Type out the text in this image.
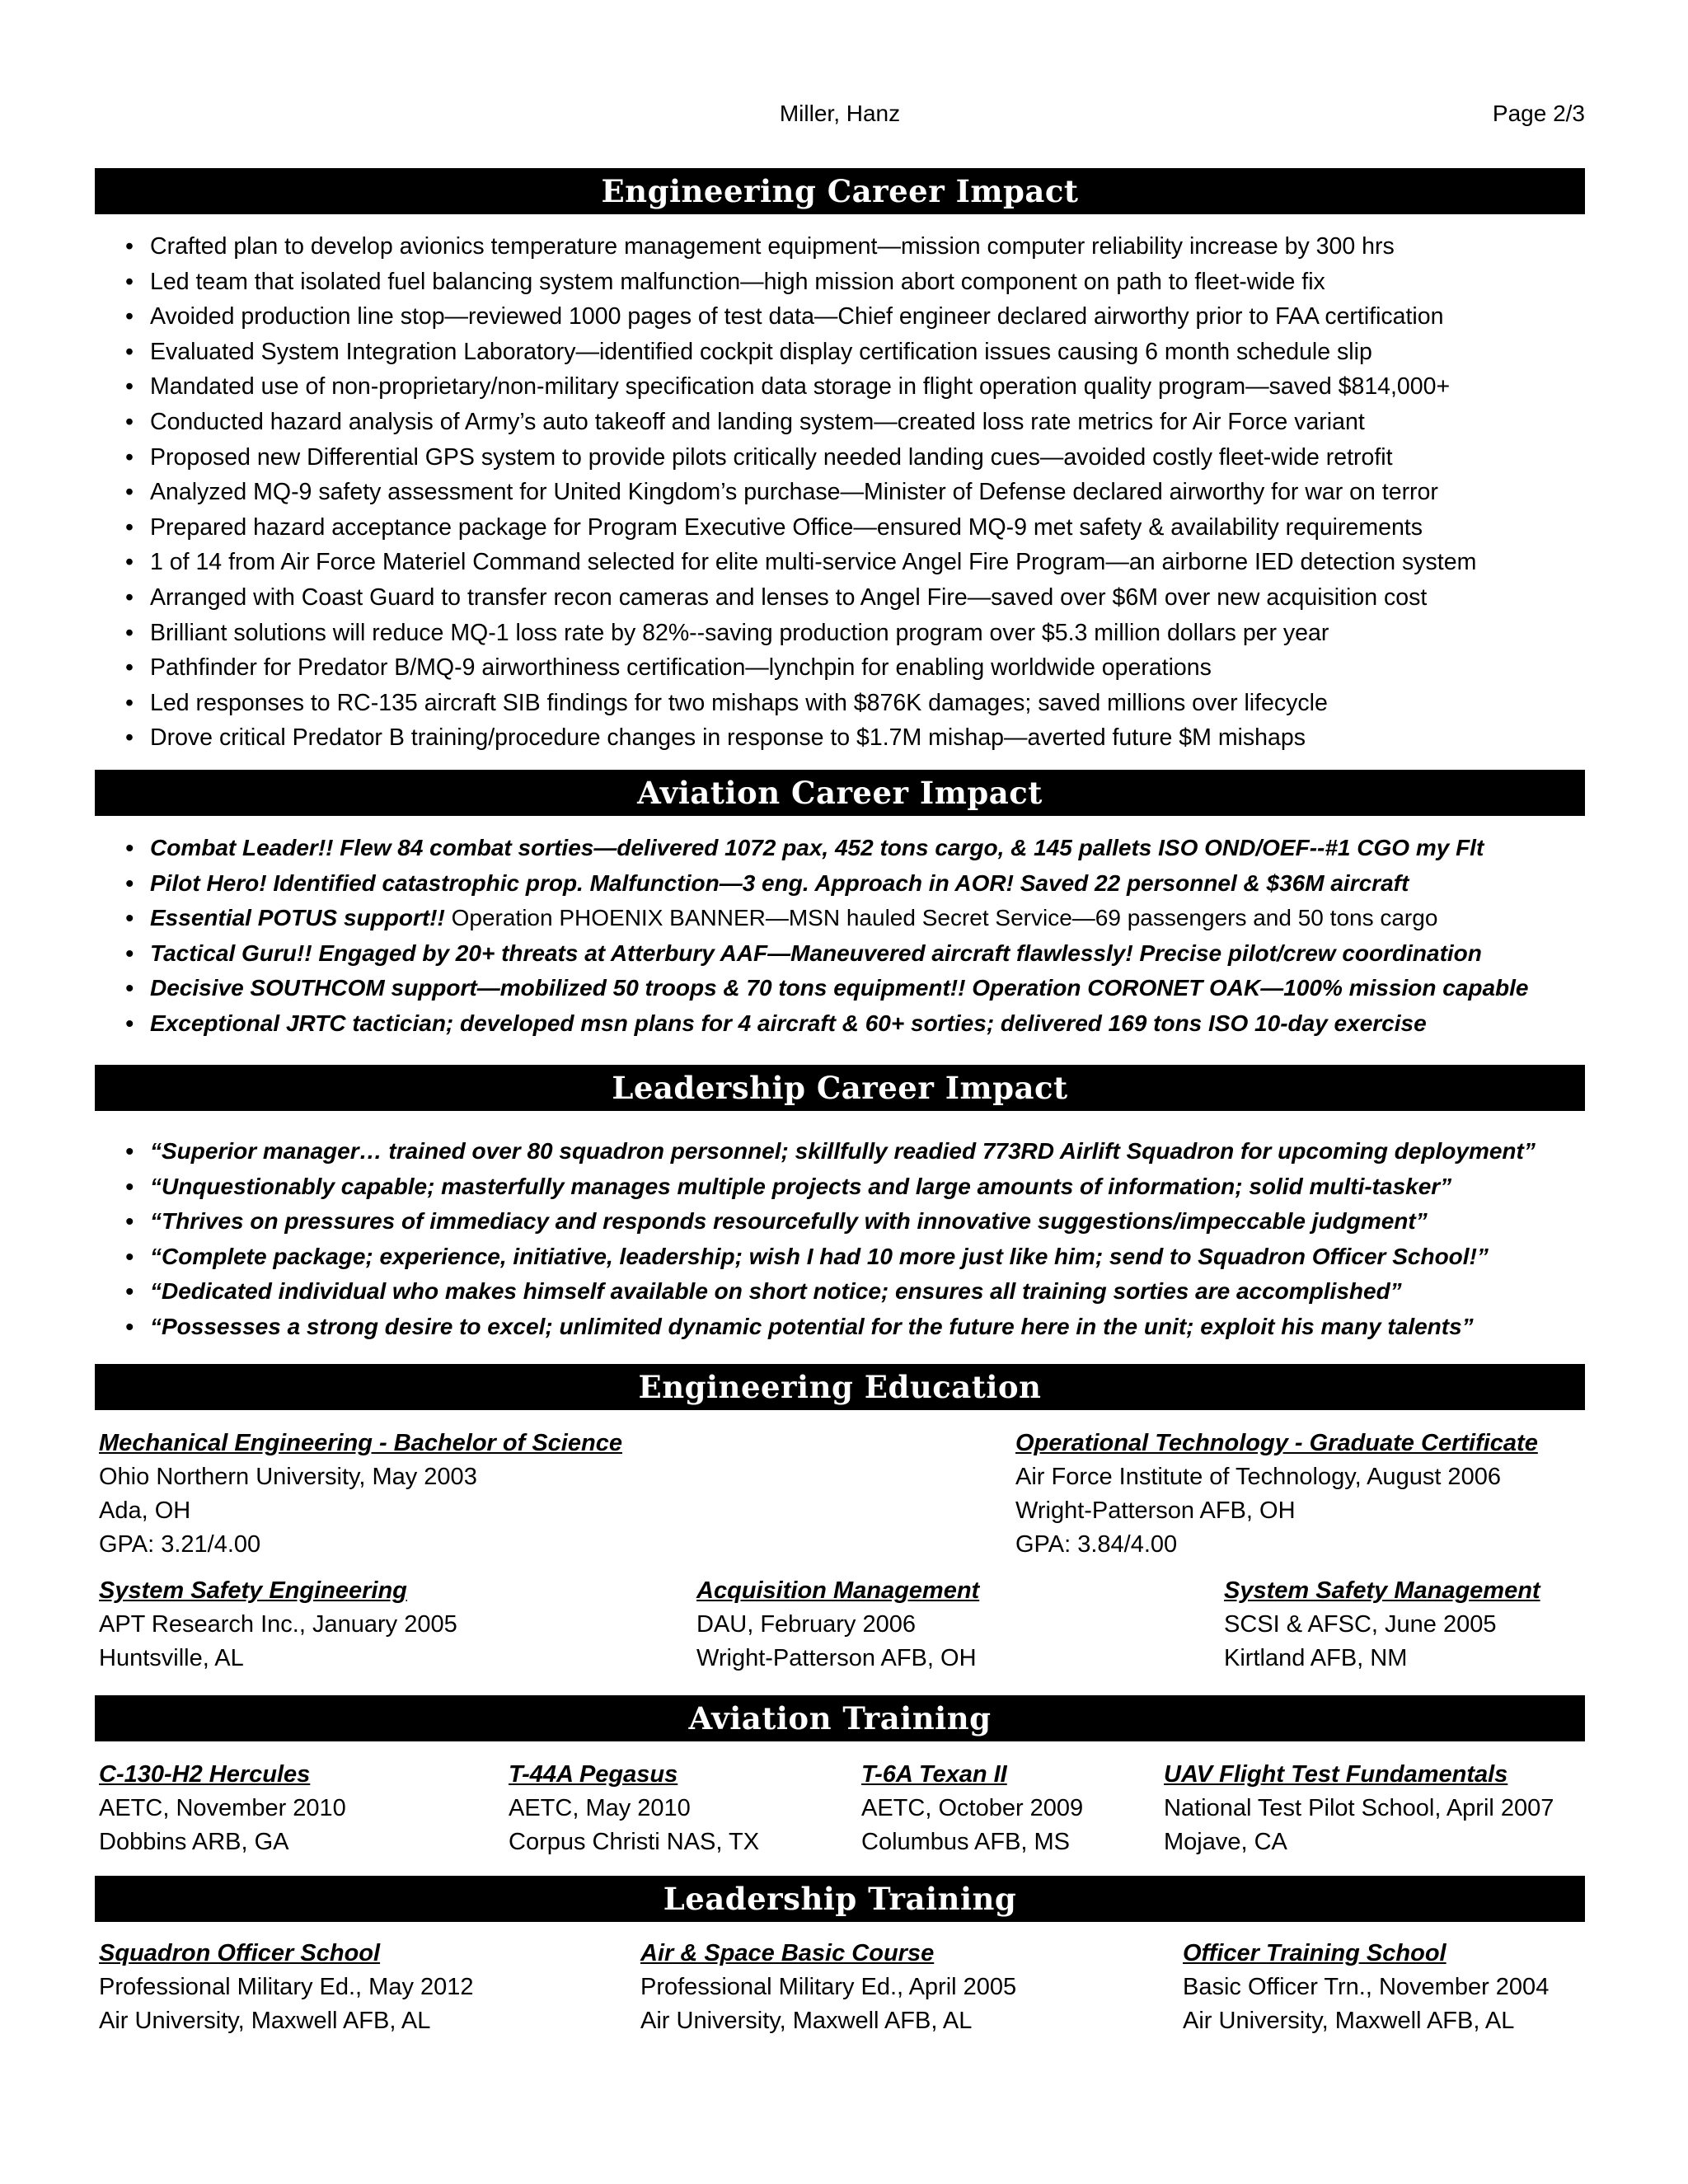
Miller, Hanz	Page 2/3
Engineering Career Impact
• Crafted plan to develop avionics temperature management equipment—mission computer reliability increase by 300 hrs
• Led team that isolated fuel balancing system malfunction—high mission abort component on path to fleet-wide fix
• Avoided production line stop—reviewed 1000 pages of test data—Chief engineer declared airworthy prior to FAA certification
• Evaluated System Integration Laboratory—identified cockpit display certification issues causing 6 month schedule slip
• Mandated use of non-proprietary/non-military specification data storage in flight operation quality program—saved $814,000+
• Conducted hazard analysis of Army’s auto takeoff and landing system—created loss rate metrics for Air Force variant
• Proposed new Differential GPS system to provide pilots critically needed landing cues—avoided costly fleet-wide retrofit
• Analyzed MQ-9 safety assessment for United Kingdom’s purchase—Minister of Defense declared airworthy for war on terror
• Prepared hazard acceptance package for Program Executive Office—ensured MQ-9 met safety & availability requirements
• 1 of 14 from Air Force Materiel Command selected for elite multi-service Angel Fire Program—an airborne IED detection system
• Arranged with Coast Guard to transfer recon cameras and lenses to Angel Fire—saved over $6M over new acquisition cost
• Brilliant solutions will reduce MQ-1 loss rate by 82%--saving production program over $5.3 million dollars per year
• Pathfinder for Predator B/MQ-9 airworthiness certification—lynchpin for enabling worldwide operations
• Led responses to RC-135 aircraft SIB findings for two mishaps with $876K damages; saved millions over lifecycle
• Drove critical Predator B training/procedure changes in response to $1.7M mishap—averted future $M mishaps
Aviation Career Impact
• Combat Leader!! Flew 84 combat sorties—delivered 1072 pax, 452 tons cargo, & 145 pallets ISO OND/OEF--#1 CGO my Flt
• Pilot Hero! Identified catastrophic prop. Malfunction—3 eng. Approach in AOR! Saved 22 personnel & $36M aircraft
• Essential POTUS support!! Operation PHOENIX BANNER—MSN hauled Secret Service—69 passengers and 50 tons cargo
• Tactical Guru!! Engaged by 20+ threats at Atterbury AAF—Maneuvered aircraft flawlessly! Precise pilot/crew coordination
• Decisive SOUTHCOM support—mobilized 50 troops & 70 tons equipment!! Operation CORONET OAK—100% mission capable
• Exceptional JRTC tactician; developed msn plans for 4 aircraft & 60+ sorties; delivered 169 tons ISO 10-day exercise
Leadership Career Impact
• “Superior manager… trained over 80 squadron personnel; skillfully readied 773RD Airlift Squadron for upcoming deployment”
• “Unquestionably capable; masterfully manages multiple projects and large amounts of information; solid multi-tasker”
• “Thrives on pressures of immediacy and responds resourcefully with innovative suggestions/impeccable judgment”
• “Complete package; experience, initiative, leadership; wish I had 10 more just like him; send to Squadron Officer School!”
• “Dedicated individual who makes himself available on short notice; ensures all training sorties are accomplished”
• “Possesses a strong desire to excel; unlimited dynamic potential for the future here in the unit; exploit his many talents”
Engineering Education
Mechanical Engineering - Bachelor of Science
Ohio Northern University, May 2003
Ada, OH
GPA: 3.21/4.00
Operational Technology - Graduate Certificate
Air Force Institute of Technology, August 2006
Wright-Patterson AFB, OH
GPA: 3.84/4.00
System Safety Engineering
APT Research Inc., January 2005
Huntsville, AL
Acquisition Management
DAU, February 2006
Wright-Patterson AFB, OH
System Safety Management
SCSI & AFSC, June 2005
Kirtland AFB, NM
Aviation Training
C-130-H2 Hercules
AETC, November 2010
Dobbins ARB, GA
T-44A Pegasus
AETC, May 2010
Corpus Christi NAS, TX
T-6A Texan II
AETC, October 2009
Columbus AFB, MS
UAV Flight Test Fundamentals
National Test Pilot School, April 2007
Mojave, CA
Leadership Training
Squadron Officer School
Professional Military Ed., May 2012
Air University, Maxwell AFB, AL
Air & Space Basic Course
Professional Military Ed., April 2005
Air University, Maxwell AFB, AL
Officer Training School
Basic Officer Trn., November 2004
Air University, Maxwell AFB, AL
